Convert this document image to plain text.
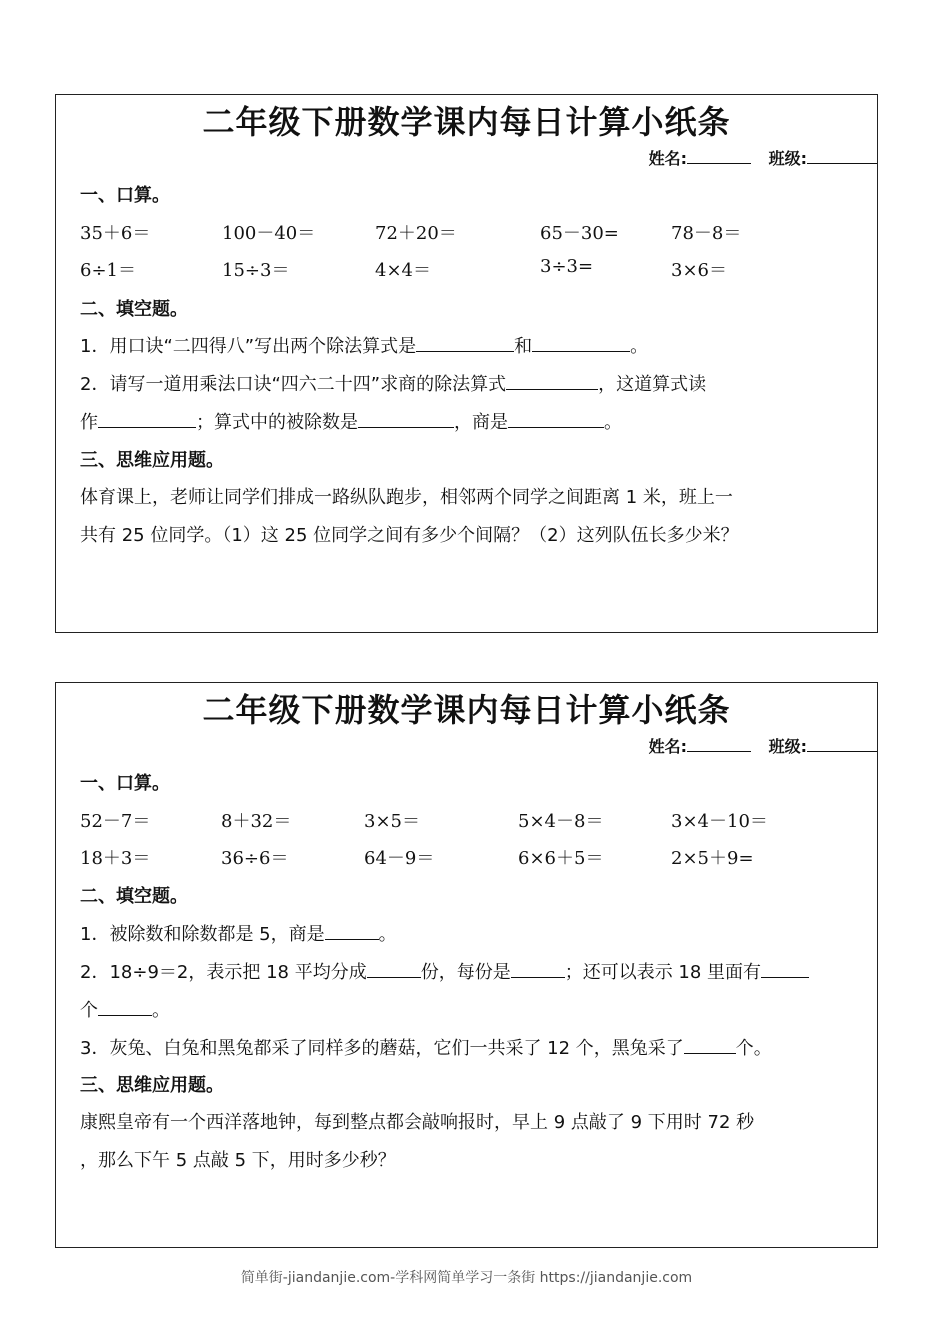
二年级下册数学课内每日计算小纸条
姓名:	班级:
一、口算。
35＋6＝	100－40＝	72＋20＝	65－30=	78－8＝
6÷1＝	15÷3＝	4×4＝	3÷3=	3×6＝
二、填空题。
1．用口诀“二四得八”写出两个除法算式是	和	。
2．请写一道用乘法口诀“四六二十四”求商的除法算式	，这道算式读
作	；算式中的被除数是	，商是	。
三、思维应用题。
体育课上，老师让同学们排成一路纵队跑步，相邻两个同学之间距离 1 米，班上一
共有 25 位同学。（1）这 25 位同学之间有多少个间隔？（2）这列队伍长多少米？
二年级下册数学课内每日计算小纸条
姓名:	班级:
一、口算。
52－7＝	8＋32＝	3×5＝	5×4－8＝	3×4－10＝
18＋3＝	36÷6＝	64－9＝	6×6＋5＝	2×5＋9=
二、填空题。
1．被除数和除数都是 5，商是	。
2．18÷9＝2，表示把 18 平均分成	份，每份是	；还可以表示 18 里面有
个	。
3．灰兔、白兔和黑兔都采了同样多的蘑菇，它们一共采了 12 个，黑兔采了	个。
三、思维应用题。
康熙皇帝有一个西洋落地钟，每到整点都会敲响报时，早上 9 点敲了 9 下用时 72 秒
，那么下午 5 点敲 5 下，用时多少秒？
简单街-jiandanjie.com-学科网简单学习一条街 https://jiandanjie.com
